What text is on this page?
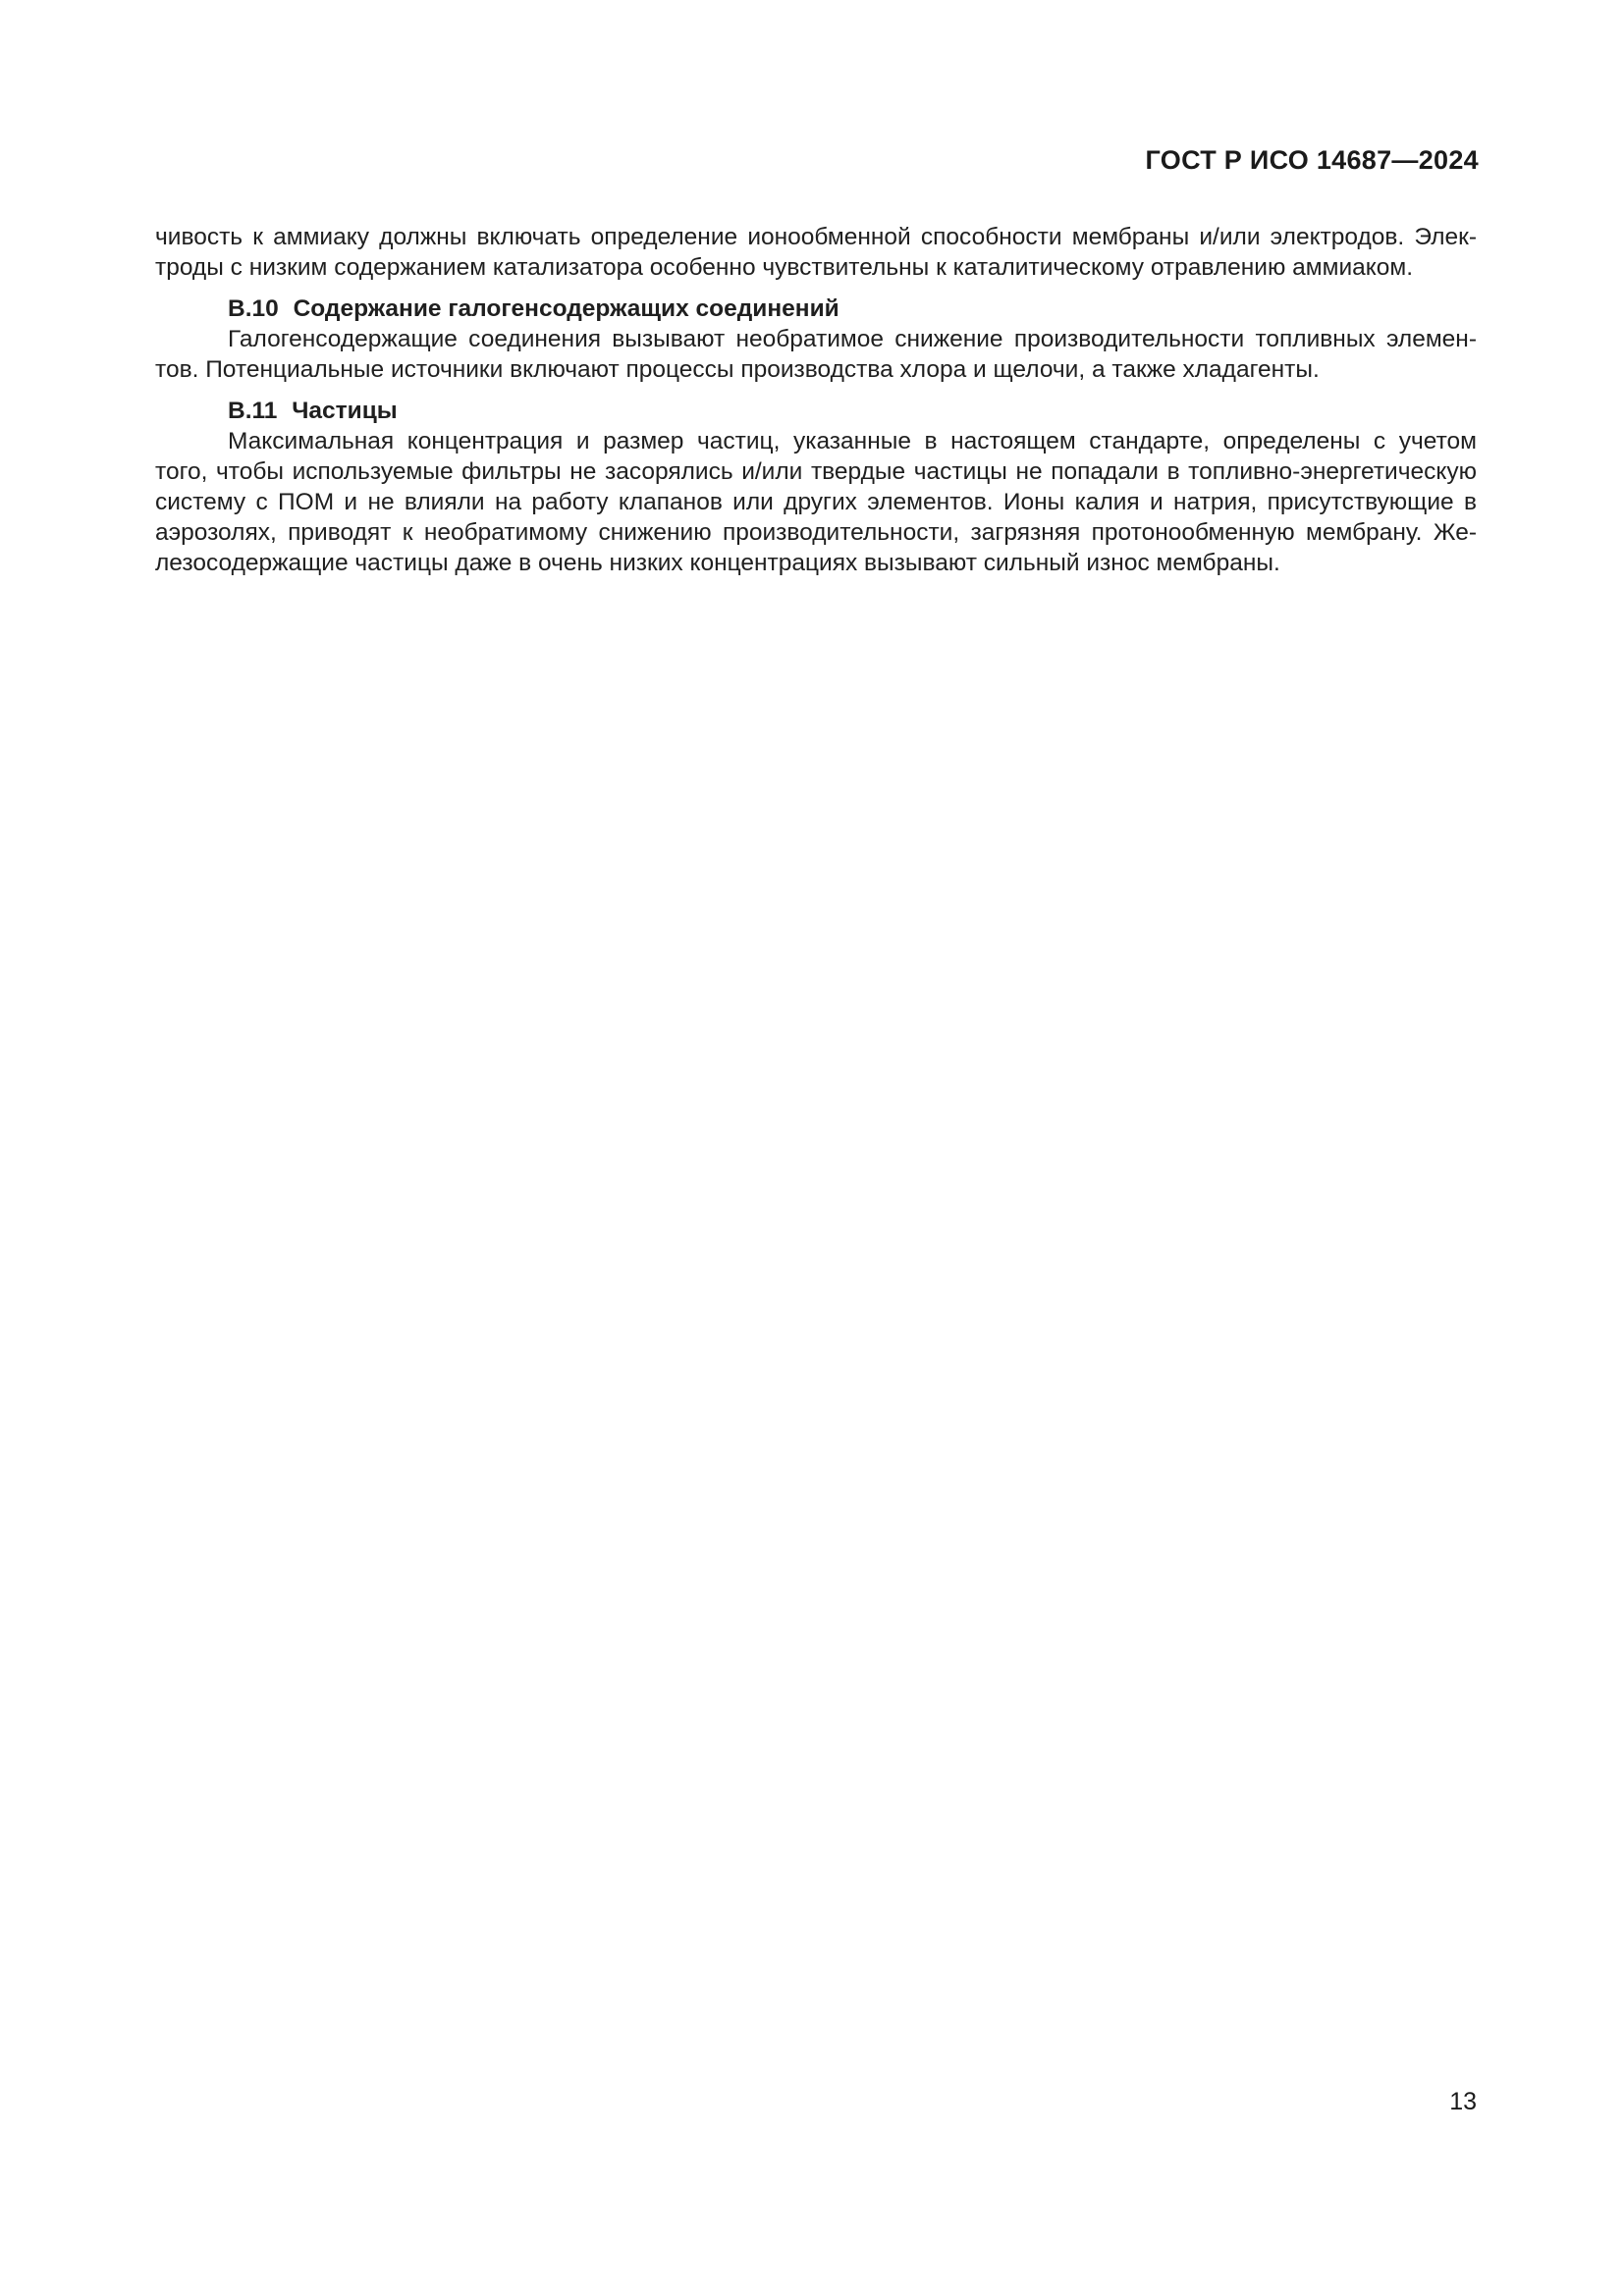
ГОСТ Р ИСО 14687—2024

чивость к аммиаку должны включать определение ионообменной способности мембраны и/или электродов. Элек-
троды с низким содержанием катализатора особенно чувствительны к каталитическому отравлению аммиаком.

В.10 Содержание галогенсодержащих соединений

Галогенсодержащие соединения вызывают необратимое снижение производительности топливных элемен-
тов. Потенциальные источники включают процессы производства хлора и щелочи, а также хладагенты.

В.11 Частицы

Максимальная концентрация и размер частиц, указанные в настоящем стандарте, определены с учетом
того, чтобы используемые фильтры не засорялись и/или твердые частицы не попадали в топливно-энергетическую
систему с ПОМ и не влияли на работу клапанов или других элементов. Ионы калия и натрия, присутствующие в
аэрозолях, приводят к необратимому снижению производительности, загрязняя протонообменную мембрану. Же-
лезосодержащие частицы даже в очень низких концентрациях вызывают сильный износ мембраны.

13
